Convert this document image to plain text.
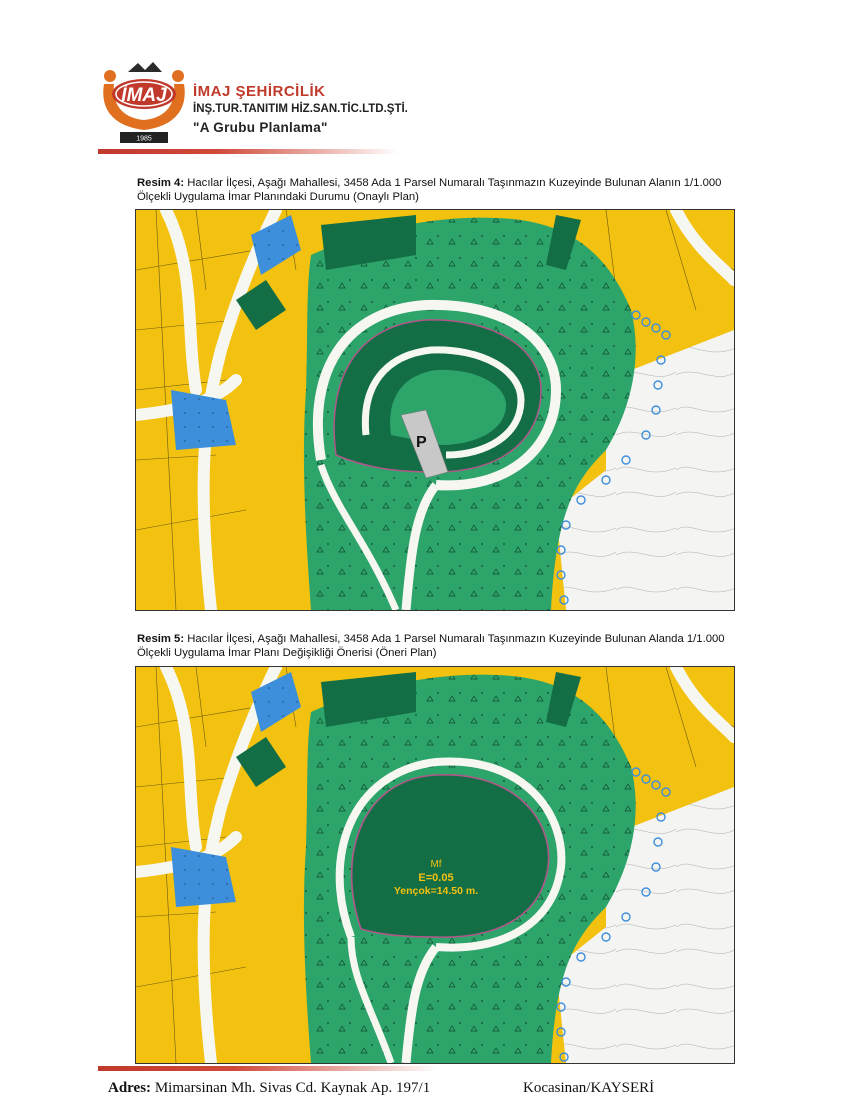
İMAJ
1985
İMAJ ŞEHİRCİLİK
İNŞ.TUR.TANITIM HİZ.SAN.TİC.LTD.ŞTİ.
"A Grubu Planlama"
Resim 4: Hacılar İlçesi, Aşağı Mahallesi, 3458 Ada 1 Parsel Numaralı Taşınmazın Kuzeyinde Bulunan Alanın 1/1.000 Ölçekli Uygulama İmar Planındaki Durumu (Onaylı Plan)
P
Resim 5: Hacılar İlçesi, Aşağı Mahallesi, 3458 Ada 1 Parsel Numaralı Taşınmazın Kuzeyinde Bulunan Alanda 1/1.000 Ölçekli Uygulama İmar Planı Değişikliği Önerisi (Öneri Plan)
Mf
E=0.05
Yençok=14.50 m.
Adres: Mimarsinan Mh. Sivas Cd. Kaynak Ap. 197/1	Kocasinan/KAYSERİ
